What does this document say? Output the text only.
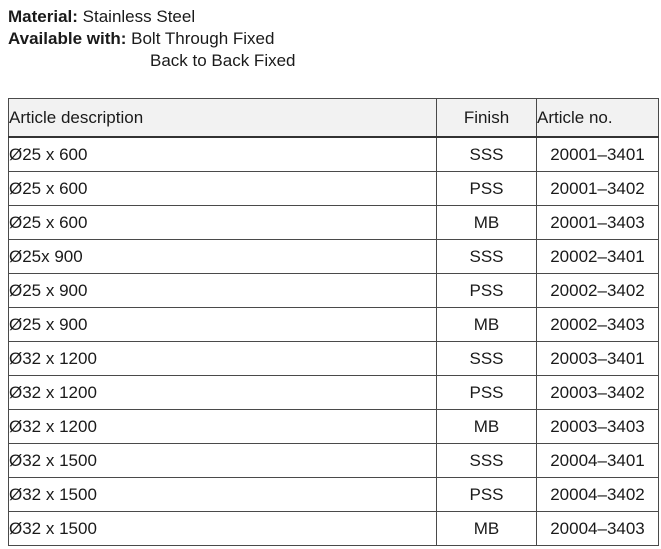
Material: Stainless Steel
Available with: Bolt Through Fixed
Back to Back Fixed
Article description	Finish	Article no.
Ø25 x 600	SSS	20001–3401
Ø25 x 600	PSS	20001–3402
Ø25 x 600	MB	20001–3403
Ø25x 900	SSS	20002–3401
Ø25 x 900	PSS	20002–3402
Ø25 x 900	MB	20002–3403
Ø32 x 1200	SSS	20003–3401
Ø32 x 1200	PSS	20003–3402
Ø32 x 1200	MB	20003–3403
Ø32 x 1500	SSS	20004–3401
Ø32 x 1500	PSS	20004–3402
Ø32 x 1500	MB	20004–3403
